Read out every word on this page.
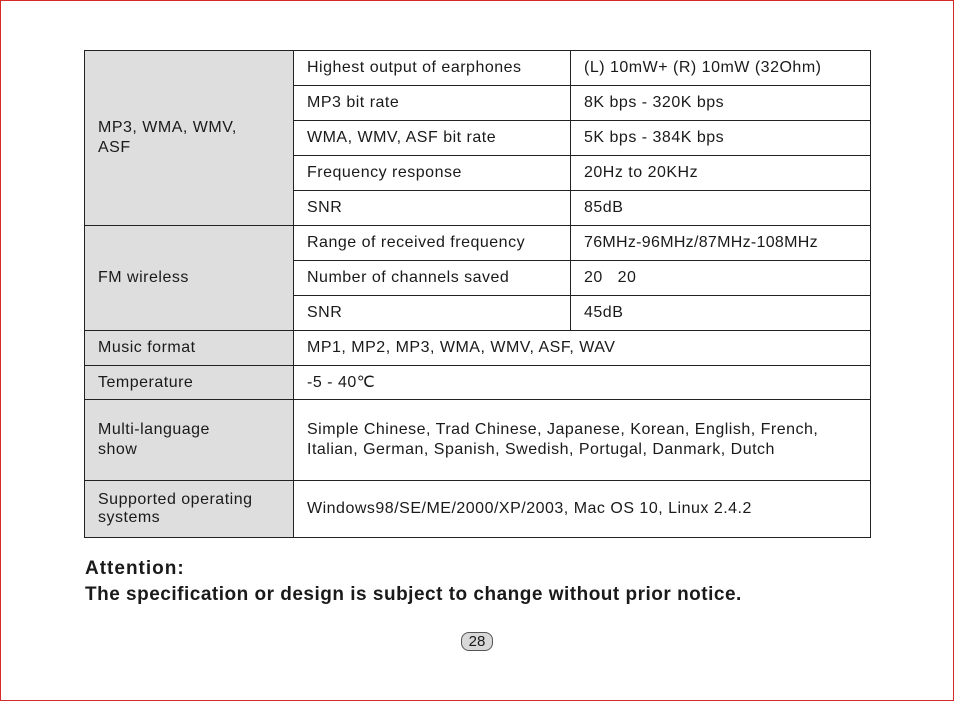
MP3, WMA, WMV, ASF	Highest output of earphones	(L) 10mW+ (R) 10mW (32Ohm)
	MP3 bit rate	8K bps - 320K bps
	WMA, WMV, ASF bit rate	5K bps - 384K bps
	Frequency response	20Hz to 20KHz
	SNR	85dB

FM wireless	Range of received frequency	76MHz-96MHz/87MHz-108MHz
	Number of channels saved	20   20
	SNR	45dB
Music format	MP1, MP2, MP3, WMA, WMV, ASF, WAV	
Temperature	-5 - 40℃	

Multi-language show	Simple Chinese, Trad Chinese, Japanese, Korean, English, French, Italian, German, Spanish, Swedish, Portugal, Danmark, Dutch	

Supported operating systems	Windows98/SE/ME/2000/XP/2003, Mac OS 10, Linux 2.4.2	
Attention:
The specification or design is subject to change without prior notice.
28
